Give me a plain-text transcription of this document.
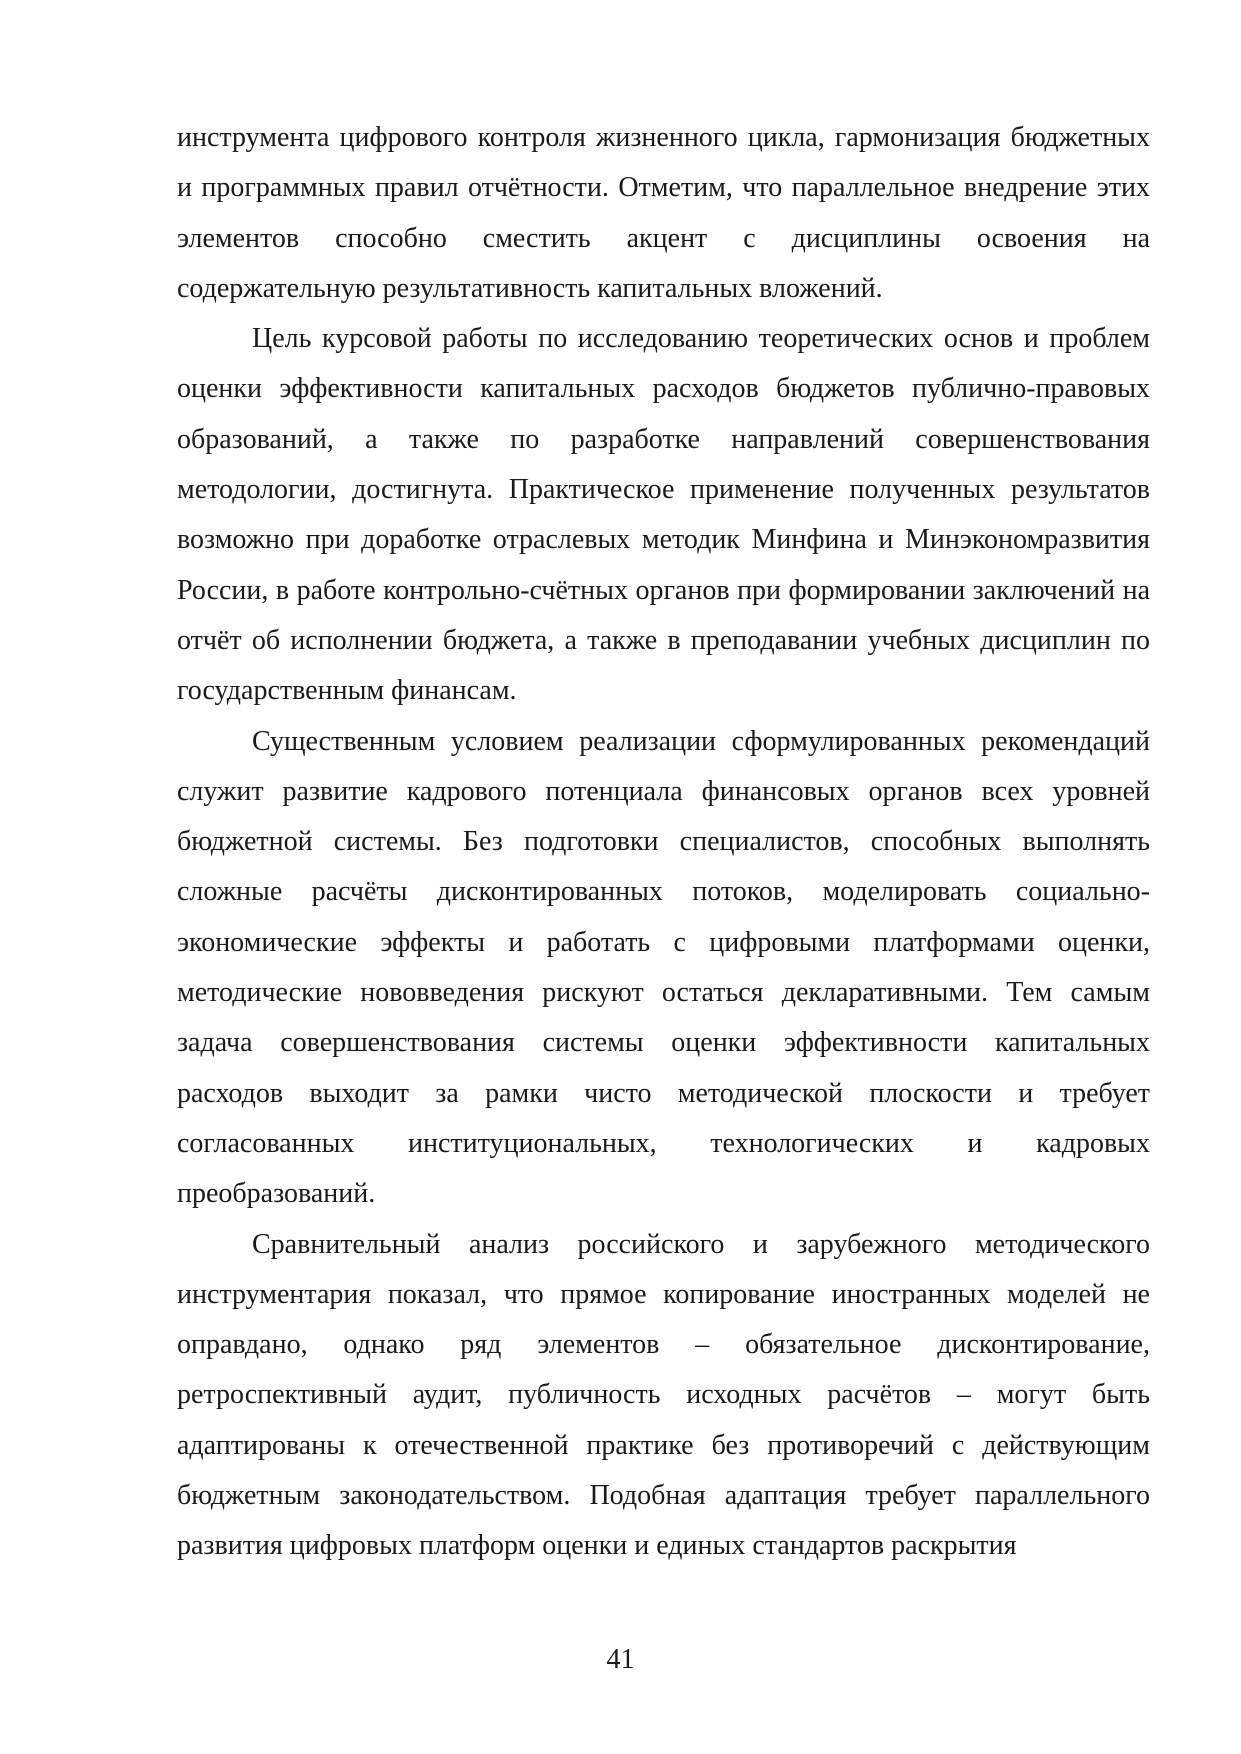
инструмента цифрового контроля жизненного цикла, гармонизация бюджетных и программных правил отчётности. Отметим, что параллельное внедрение этих элементов способно сместить акцент с дисциплины освоения на содержательную результативность капитальных вложений.

Цель курсовой работы по исследованию теоретических основ и проблем оценки эффективности капитальных расходов бюджетов публично-правовых образований, а также по разработке направлений совершенствования методологии, достигнута. Практическое применение полученных результатов возможно при доработке отраслевых методик Минфина и Минэкономразвития России, в работе контрольно-счётных органов при формировании заключений на отчёт об исполнении бюджета, а также в преподавании учебных дисциплин по государственным финансам.

Существенным условием реализации сформулированных рекомендаций служит развитие кадрового потенциала финансовых органов всех уровней бюджетной системы. Без подготовки специалистов, способных выполнять сложные расчёты дисконтированных потоков, моделировать социально-экономические эффекты и работать с цифровыми платформами оценки, методические нововведения рискуют остаться декларативными. Тем самым задача совершенствования системы оценки эффективности капитальных расходов выходит за рамки чисто методической плоскости и требует согласованных институциональных, технологических и кадровых преобразований.

Сравнительный анализ российского и зарубежного методического инструментария показал, что прямое копирование иностранных моделей не оправдано, однако ряд элементов – обязательное дисконтирование, ретроспективный аудит, публичность исходных расчётов – могут быть адаптированы к отечественной практике без противоречий с действующим бюджетным законодательством. Подобная адаптация требует параллельного развития цифровых платформ оценки и единых стандартов раскрытия

41
